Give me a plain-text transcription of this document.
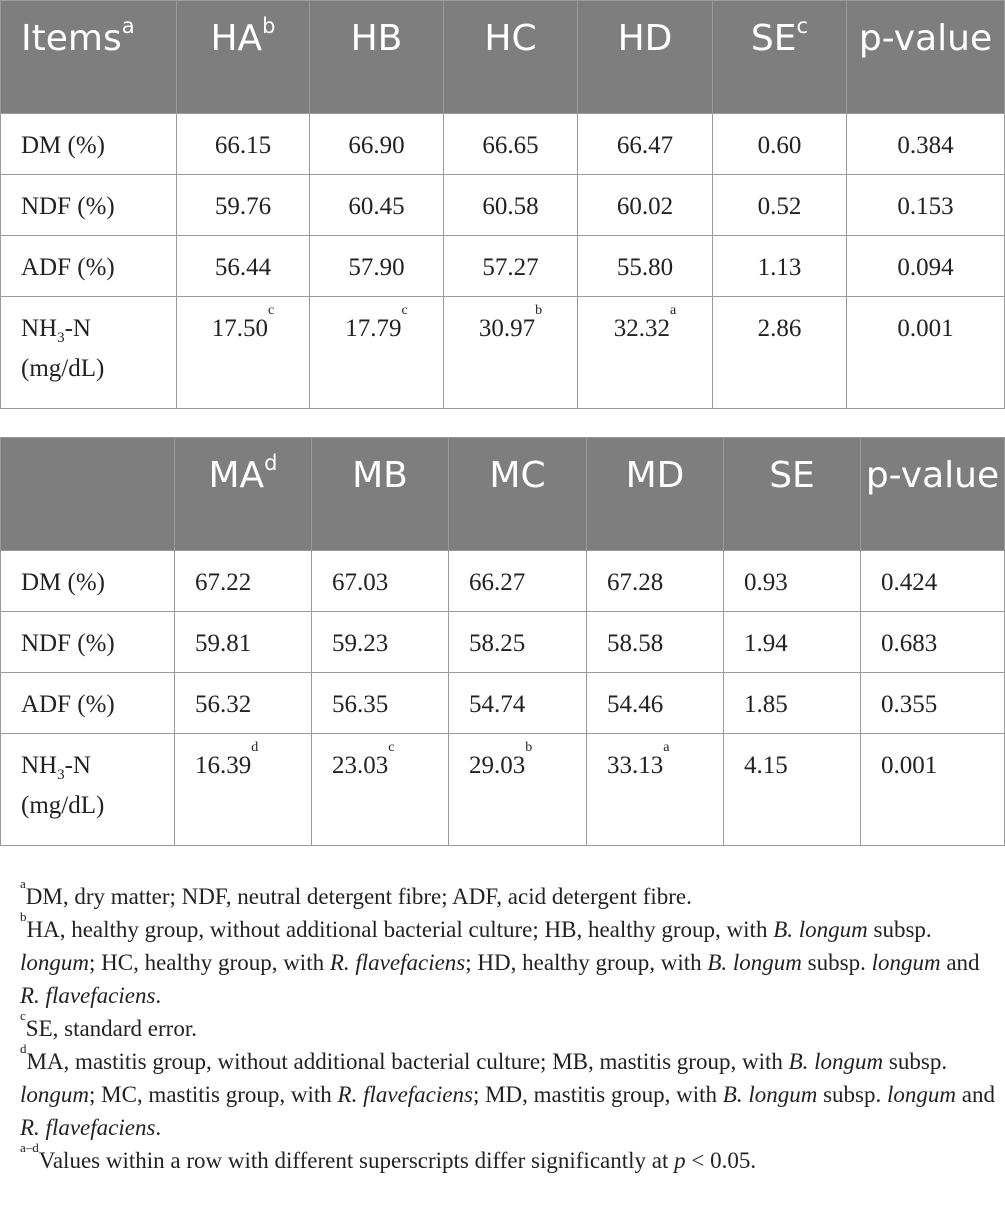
Items$^a$	$HA^b$	HB	HC	HD	$SE^c$	p-value
DM (%)	66.15	66.90	66.65	66.47	0.60	0.384
NDF (%)	59.76	60.45	60.58	60.02	0.52	0.153
ADF (%)	56.44	57.90	57.27	55.80	1.13	0.094
$NH_3-N$
(mg/dL)	17.50$^c$	17.79$^c$	30.97$^b$	32.32$^a$	2.86	0.001
	$MA^d$	MB	MC	MD	SE	p-value
DM (%)	67.22	67.03	66.27	67.28	0.93	0.424
NDF (%)	59.81	59.23	58.25	58.58	1.94	0.683
ADF (%)	56.32	56.35	54.74	54.46	1.85	0.355
$NH_3-N$
(mg/dL)	16.39$^d$	23.03$^c$	29.03$^b$	33.13$^a$	4.15	0.001

$^a$DM, dry matter; NDF, neutral detergent fibre; ADF, acid detergent fibre.

$^b$HA, healthy group, without additional bacterial culture; HB, healthy group, with B. longum subsp. longum; HC, healthy group, with R. flavefaciens; HD, healthy group, with B. longum subsp. longum and R. flavefaciens.

$^c$SE, standard error.

$^d$MA, mastitis group, without additional bacterial culture; MB, mastitis group, with B. longum subsp. longum; MC, mastitis group, with R. flavefaciens; MD, mastitis group, with B. longum subsp. longum and R. flavefaciens.

$^{a-d}$Values within a row with different superscripts differ significantly at p < 0.05.
